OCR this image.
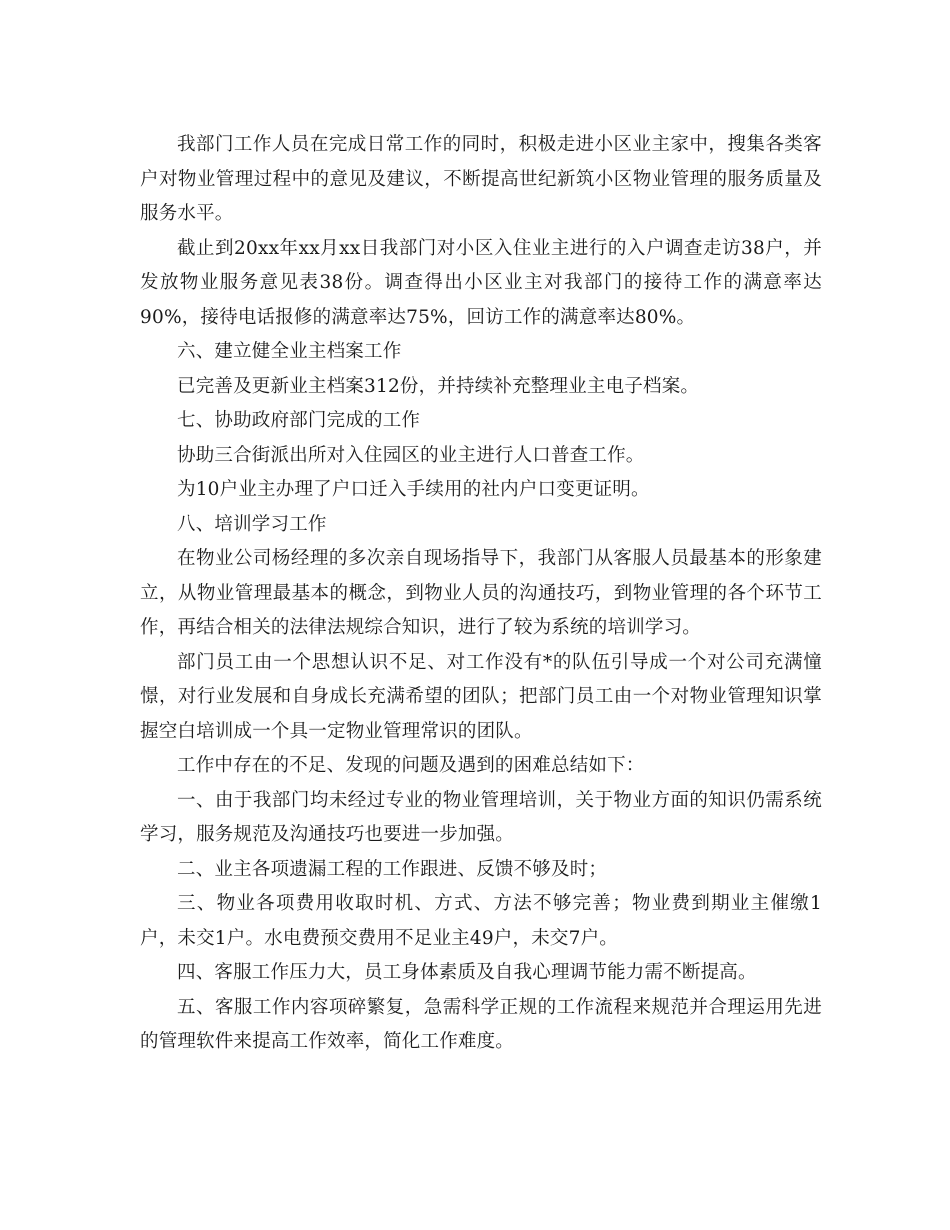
我部门工作人员在完成日常工作的同时，积极走进小区业主家中，搜集各类客户对物业管理过程中的意见及建议，不断提高世纪新筑小区物业管理的服务质量及服务水平。

截止到20xx年xx月xx日我部门对小区入住业主进行的入户调查走访38户，并发放物业服务意见表38份。调查得出小区业主对我部门的接待工作的满意率达90%，接待电话报修的满意率达75%，回访工作的满意率达80%。

六、建立健全业主档案工作

已完善及更新业主档案312份，并持续补充整理业主电子档案。

七、协助政府部门完成的工作

协助三合街派出所对入住园区的业主进行人口普查工作。

为10户业主办理了户口迁入手续用的社内户口变更证明。

八、培训学习工作

在物业公司杨经理的多次亲自现场指导下，我部门从客服人员最基本的形象建立，从物业管理最基本的概念，到物业人员的沟通技巧，到物业管理的各个环节工作，再结合相关的法律法规综合知识，进行了较为系统的培训学习。

部门员工由一个思想认识不足、对工作没有*的队伍引导成一个对公司充满憧憬，对行业发展和自身成长充满希望的团队；把部门员工由一个对物业管理知识掌握空白培训成一个具一定物业管理常识的团队。

工作中存在的不足、发现的问题及遇到的困难总结如下：

一、由于我部门均未经过专业的物业管理培训，关于物业方面的知识仍需系统学习，服务规范及沟通技巧也要进一步加强。

二、业主各项遗漏工程的工作跟进、反馈不够及时；

三、物业各项费用收取时机、方式、方法不够完善；物业费到期业主催缴1户，未交1户。水电费预交费用不足业主49户，未交7户。

四、客服工作压力大，员工身体素质及自我心理调节能力需不断提高。

五、客服工作内容项碎繁复，急需科学正规的工作流程来规范并合理运用先进的管理软件来提高工作效率，简化工作难度。
